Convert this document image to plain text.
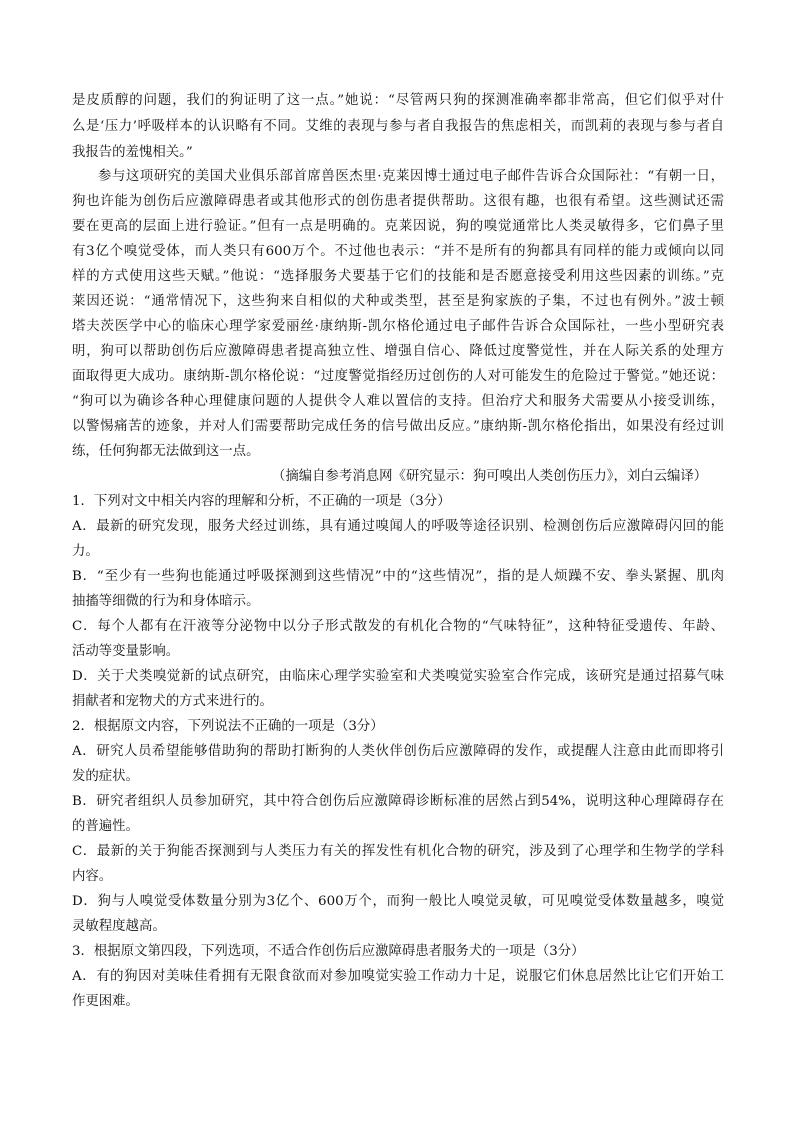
是皮质醇的问题，我们的狗证明了这一点。”她说：“尽管两只狗的探测准确率都非常高，但它们似乎对什
么是‘压力’呼吸样本的认识略有不同。艾维的表现与参与者自我报告的焦虑相关，而凯莉的表现与参与者自
我报告的羞愧相关。”
参与这项研究的美国犬业俱乐部首席兽医杰里·克莱因博士通过电子邮件告诉合众国际社：“有朝一日，
狗也许能为创伤后应激障碍患者或其他形式的创伤患者提供帮助。这很有趣，也很有希望。这些测试还需
要在更高的层面上进行验证。”但有一点是明确的。克莱因说，狗的嗅觉通常比人类灵敏得多，它们鼻子里
有3亿个嗅觉受体，而人类只有600万个。不过他也表示：“并不是所有的狗都具有同样的能力或倾向以同
样的方式使用这些天赋。”他说：“选择服务犬要基于它们的技能和是否愿意接受利用这些因素的训练。”克
莱因还说：“通常情况下，这些狗来自相似的犬种或类型，甚至是狗家族的子集，不过也有例外。”波士顿
塔夫茨医学中心的临床心理学家爱丽丝·康纳斯-凯尔格伦通过电子邮件告诉合众国际社，一些小型研究表
明，狗可以帮助创伤后应激障碍患者提高独立性、增强自信心、降低过度警觉性，并在人际关系的处理方
面取得更大成功。康纳斯-凯尔格伦说：“过度警觉指经历过创伤的人对可能发生的危险过于警觉。”她还说：
“狗可以为确诊各种心理健康问题的人提供令人难以置信的支持。但治疗犬和服务犬需要从小接受训练，
以警惕痛苦的迹象，并对人们需要帮助完成任务的信号做出反应。”康纳斯-凯尔格伦指出，如果没有经过训
练，任何狗都无法做到这一点。
（摘编自参考消息网《研究显示：狗可嗅出人类创伤压力》，刘白云编译）
1．下列对文中相关内容的理解和分析，不正确的一项是（3分）
A．最新的研究发现，服务犬经过训练，具有通过嗅闻人的呼吸等途径识别、检测创伤后应激障碍闪回的能
力。
B．“至少有一些狗也能通过呼吸探测到这些情况”中的“这些情况”，指的是人烦躁不安、拳头紧握、肌肉
抽搐等细微的行为和身体暗示。
C．每个人都有在汗液等分泌物中以分子形式散发的有机化合物的“气味特征”，这种特征受遗传、年龄、
活动等变量影响。
D．关于犬类嗅觉新的试点研究，由临床心理学实验室和犬类嗅觉实验室合作完成，该研究是通过招募气味
捐献者和宠物犬的方式来进行的。
2．根据原文内容，下列说法不正确的一项是（3分）
A．研究人员希望能够借助狗的帮助打断狗的人类伙伴创伤后应激障碍的发作，或提醒人注意由此而即将引
发的症状。
B．研究者组织人员参加研究，其中符合创伤后应激障碍诊断标准的居然占到54%，说明这种心理障碍存在
的普遍性。
C．最新的关于狗能否探测到与人类压力有关的挥发性有机化合物的研究，涉及到了心理学和生物学的学科
内容。
D．狗与人嗅觉受体数量分别为3亿个、600万个，而狗一般比人嗅觉灵敏，可见嗅觉受体数量越多，嗅觉
灵敏程度越高。
3．根据原文第四段，下列选项，不适合作创伤后应激障碍患者服务犬的一项是（3分）
A．有的狗因对美味佳肴拥有无限食欲而对参加嗅觉实验工作动力十足，说服它们休息居然比让它们开始工
作更困难。
